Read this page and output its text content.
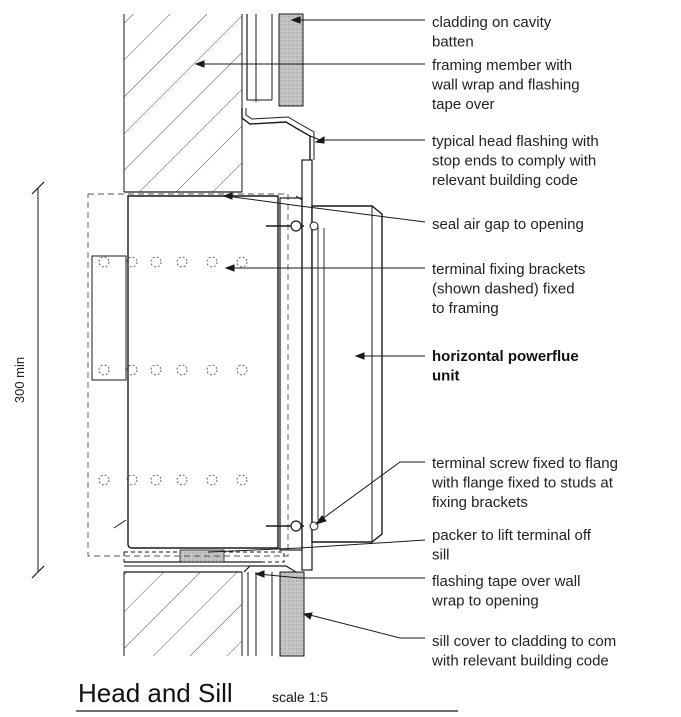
300 min
cladding on cavity batten
framing member with wall wrap and flashing tape over
typical head flashing with stop ends to comply with relevant building code
seal air gap to opening
terminal fixing brackets (shown dashed) fixed to framing
horizontal powerflue unit
terminal screw fixed to flang with flange fixed to studs at fixing brackets
packer to lift terminal off sill
flashing tape over wall wrap to opening
sill cover to cladding to com with relevant building code
Head and Sill	scale 1:5
